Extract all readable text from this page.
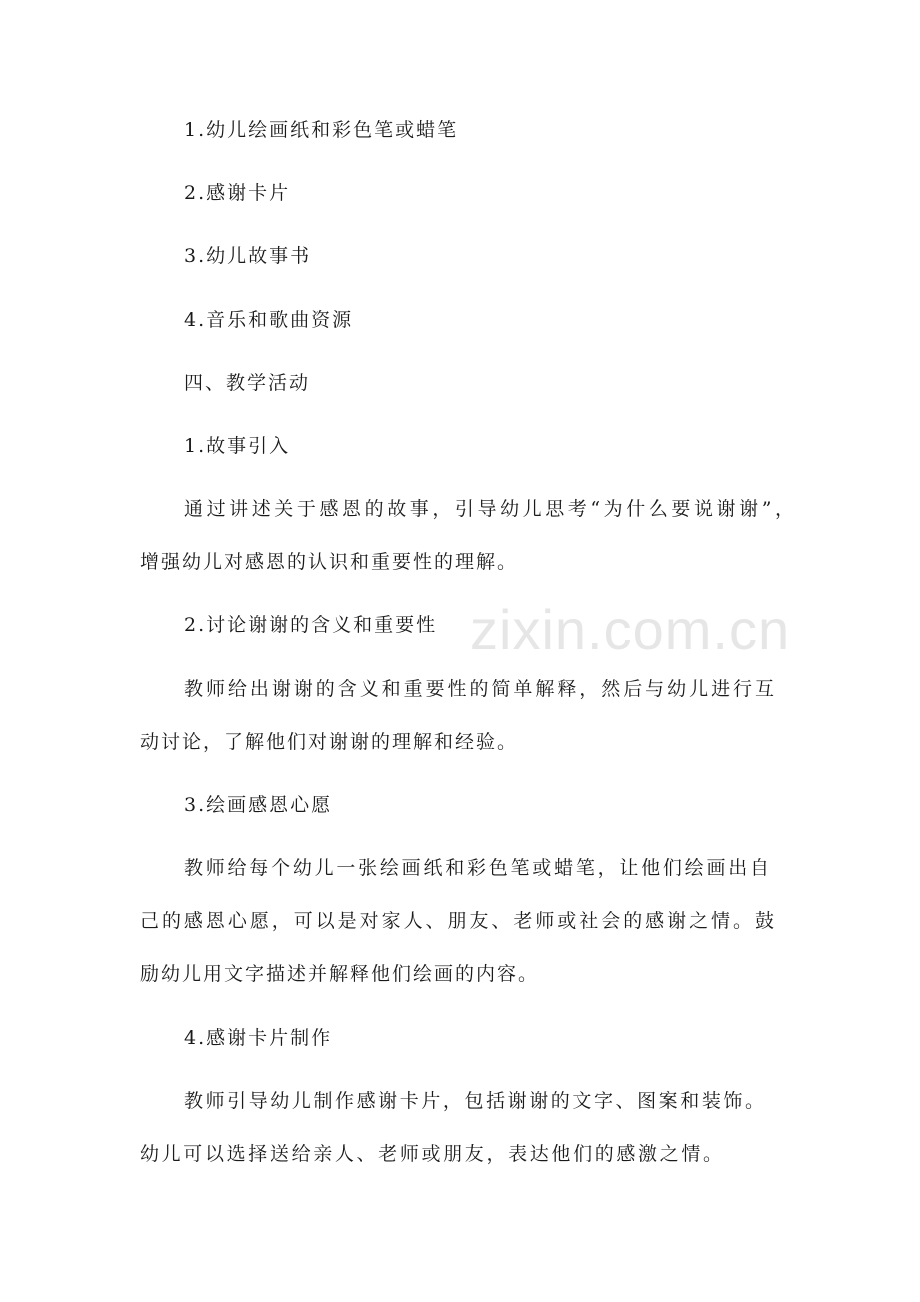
zixin.com.cn
1.幼儿绘画纸和彩色笔或蜡笔
2.感谢卡片
3.幼儿故事书
4.音乐和歌曲资源
四、教学活动
1.故事引入
通过讲述关于感恩的故事，引导幼儿思考“为什么要说谢谢”，
增强幼儿对感恩的认识和重要性的理解。
2.讨论谢谢的含义和重要性
教师给出谢谢的含义和重要性的简单解释，然后与幼儿进行互
动讨论，了解他们对谢谢的理解和经验。
3.绘画感恩心愿
教师给每个幼儿一张绘画纸和彩色笔或蜡笔，让他们绘画出自
己的感恩心愿，可以是对家人、朋友、老师或社会的感谢之情。鼓
励幼儿用文字描述并解释他们绘画的内容。
4.感谢卡片制作
教师引导幼儿制作感谢卡片，包括谢谢的文字、图案和装饰。
幼儿可以选择送给亲人、老师或朋友，表达他们的感激之情。
